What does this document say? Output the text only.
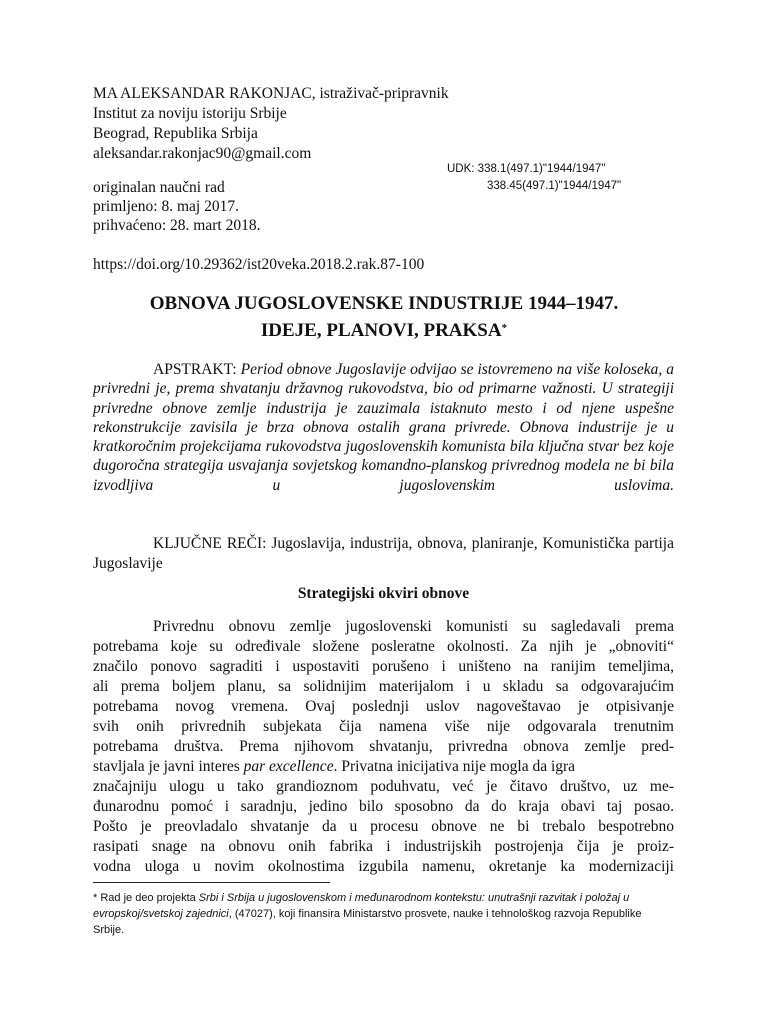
MA ALEKSANDAR RAKONJAC, istraživač-pripravnik
Institut za noviju istoriju Srbije
Beograd, Republika Srbija
aleksandar.rakonjac90@gmail.com
UDK: 338.1(497.1)"1944/1947"
338.45(497.1)"1944/1947"
originalan naučni rad
primljeno: 8. maj 2017.
prihvaćeno: 28. mart 2018.
https://doi.org/10.29362/ist20veka.2018.2.rak.87-100
OBNOVA JUGOSLOVENSKE INDUSTRIJE 1944–1947.
IDEJE, PLANOVI, PRAKSA*
APSTRAKT: Period obnove Jugoslavije odvijao se istovremeno na više koloseka, a privredni je, prema shvatanju državnog rukovodstva, bio od primarne važnosti. U strategiji privredne obnove zemlje industrija je zauzimala istaknuto mesto i od njene uspešne rekonstrukcije zavisila je brza obnova ostalih grana privrede. Obnova industrije je u kratkoročnim projekcijama rukovodstva jugoslovenskih komunista bila ključna stvar bez koje dugoročna strategija usvajanja sovjetskog komandno-planskog privrednog modela ne bi bila izvodljiva u jugoslovenskim uslovima.
KLJUČNE REČI: Jugoslavija, industrija, obnova, planiranje, Komunistička partija Jugoslavije
Strategijski okviri obnove
Privrednu obnovu zemlje jugoslovenski komunisti su sagledavali prema
potrebama koje su određivale složene posleratne okolnosti. Za njih je „obnoviti“
značilo ponovo sagraditi i uspostaviti porušeno i uništeno na ranijim temeljima,
ali prema boljem planu, sa solidnijim materijalom i u skladu sa odgovarajućim
potrebama novog vremena. Ovaj poslednji uslov nagoveštavao je otpisivanje
svih onih privrednih subjekata čija namena više nije odgovarala trenutnim
potrebama društva. Prema njihovom shvatanju, privredna obnova zemlje pred-
stavljala je javni interes par excellence. Privatna inicijativa nije mogla da igra
značajniju ulogu u tako grandioznom poduhvatu, već je čitavo društvo, uz me-
đunarodnu pomoć i saradnju, jedino bilo sposobno da do kraja obavi taj posao.
Pošto je preovladalo shvatanje da u procesu obnove ne bi trebalo bespotrebno
rasipati snage na obnovu onih fabrika i industrijskih postrojenja čija je proiz-
vodna uloga u novim okolnostima izgubila namenu, okretanje ka modernizaciji
* Rad je deo projekta Srbi i Srbija u jugoslovenskom i međunarodnom kontekstu: unutrašnji razvitak i položaj u evropskoj/svetskoj zajednici, (47027), koji finansira Ministarstvo prosvete, nauke i tehnološkog razvoja Republike Srbije.
